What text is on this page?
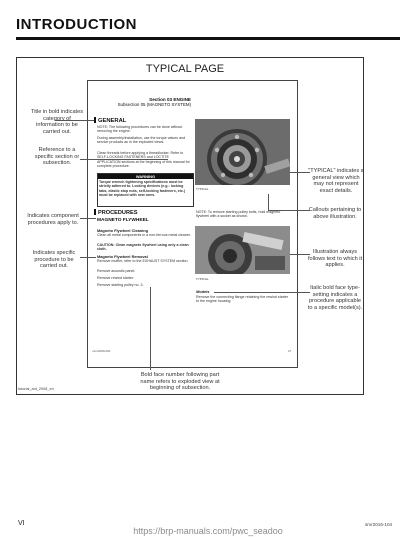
INTRODUCTION
TYPICAL PAGE
Title in bold indicates category of information to be carried out.
Reference to a specific section or subsection.
Indicates component procedures apply to.
Indicates specific procedure to be carried out.
"TYPICAL" indicates a general view which may not represent exact details.
Callouts pertaining to above illustration.
Illustration always follows text to which it applies.
Italic bold face type-setting indicates a procedure applicable to a specific model(s).
Bold face number following part name refers to exploded view at beginning of subsection.
tutorial_ant_2008_en
Section 03 ENGINE
Subsection 05 (MAGNETO SYSTEM)
GENERAL
NOTE: The following procedures can be done without removing the engine.
During assembly/installation, use the torque values and service products as in the exploded views.
Clean threads before applying a threadlocker. Refer to SELF-LOCKING FASTENERS and LOCTITE APPLICATION sections at the beginning of this manual for complete procedure.
WARNING
Torque wrench tightening specifications must be strictly adhered to. Locking devices (e.g.: locking tabs, elastic stop nuts, self-locking fasteners, etc.) must be replaced with new ones.
PROCEDURES
MAGNETO FLYWHEEL
Magneto Flywheel Cleaning
Clean all metal components in a non-ferrous metal cleaner.
CAUTION: Clean magneto flywheel using only a clean cloth.
Magneto Flywheel Removal
Remove muffler, refer to the EXHAUST SYSTEM section.
Remove acoustic panel.
Remove rewind starter.
Remove starting pulley no. 3.
TYPICAL
NOTE: To remove starting pulley bolts, hold magneto flywheel with a socket as shown.
TYPICAL
Models
Remove the connecting flange retaining the rewind starter to the engine housing.
mmr2009-001	27
VI	smr2016-104
https://brp-manuals.com/pwc_seadoo
